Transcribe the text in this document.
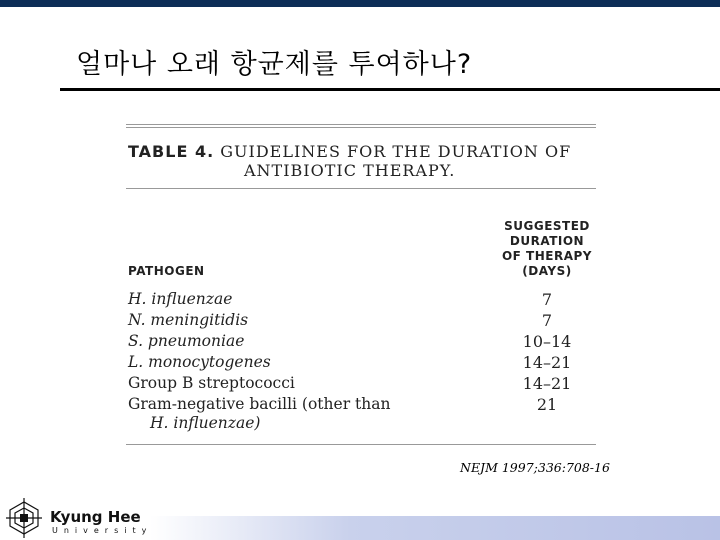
얼마나 오래 항균제를 투여하나?
TABLE 4. GUIDELINES FOR THE DURATION OF
ANTIBIOTIC THERAPY.
SUGGESTED
DURATION
OF THERAPY
(DAYS)
PATHOGEN
H. influenzae	7
N. meningitidis	7
S. pneumoniae	10–14
L. monocytogenes	14–21
Group B streptococci	14–21
Gram-negative bacilli (other than	21
H. influenzae)
NEJM 1997;336:708-16
Kyung Hee
University
